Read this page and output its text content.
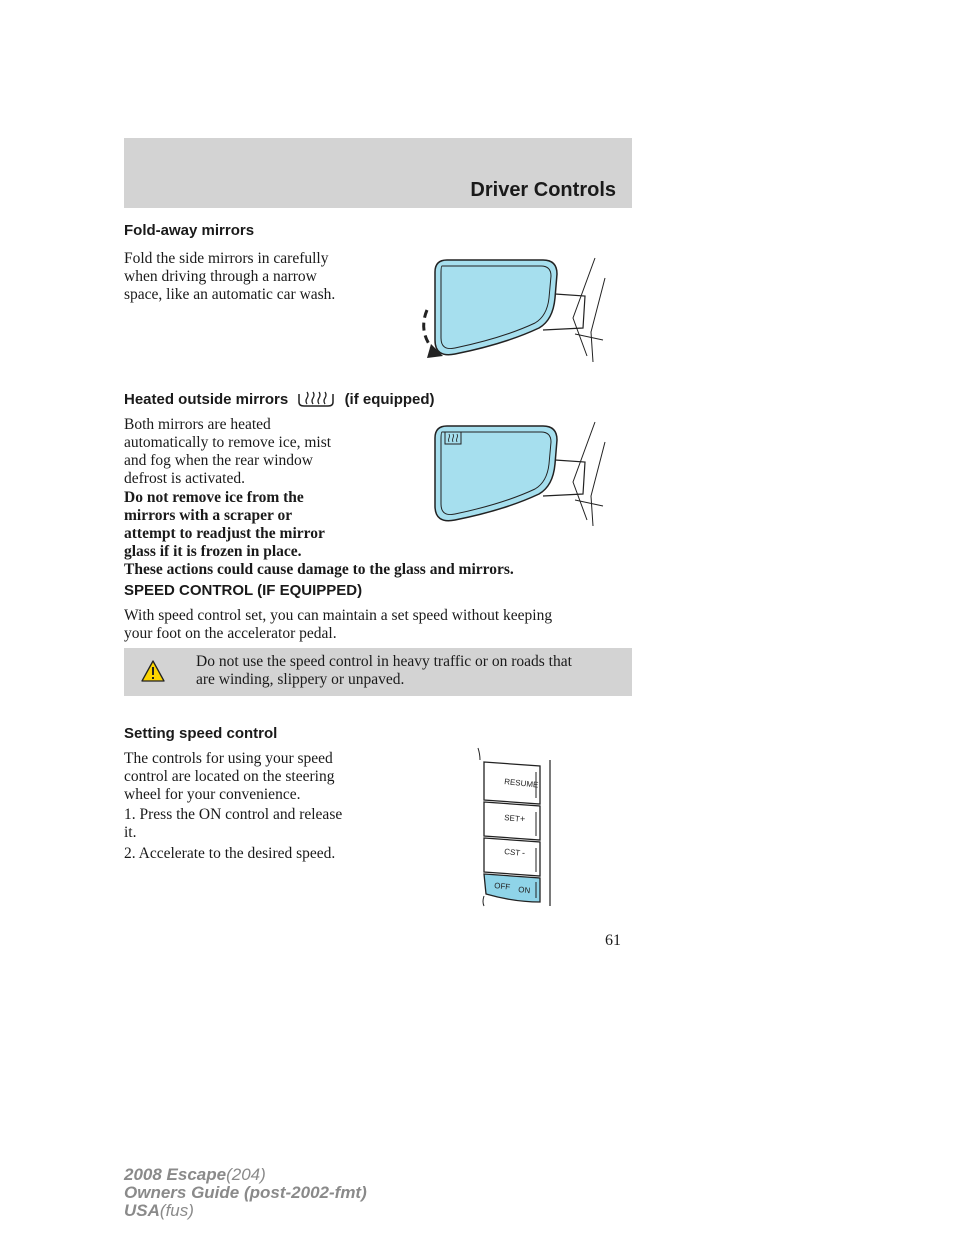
Driver Controls
Fold-away mirrors
Fold the side mirrors in carefully
when driving through a narrow
space, like an automatic car wash.
Heated outside mirrors	(if equipped)
Both mirrors are heated
automatically to remove ice, mist
and fog when the rear window
defrost is activated.
Do not remove ice from the
mirrors with a scraper or
attempt to readjust the mirror
glass if it is frozen in place.
These actions could cause damage to the glass and mirrors.
SPEED CONTROL (IF EQUIPPED)
With speed control set, you can maintain a set speed without keeping
your foot on the accelerator pedal.
Do not use the speed control in heavy traffic or on roads that
are winding, slippery or unpaved.
Setting speed control
The controls for using your speed
control are located on the steering
wheel for your convenience.
1. Press the ON control and release
it.
2. Accelerate to the desired speed.
RESUME
SET +
CST -
OFF ON
61
2008 Escape(204)
Owners Guide (post-2002-fmt)
USA(fus)
